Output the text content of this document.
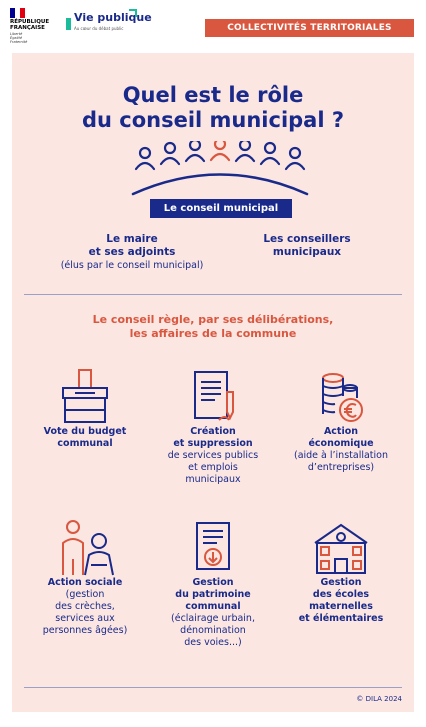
RÉPUBLIQUE
FRANÇAISE
Liberté
Égalité
Fraternité
Vie publique
Au cœur du débat public	COLLECTIVITÉS TERRITORIALES
Quel est le rôle
du conseil municipal ?
Le conseil municipal
Le maire
et ses adjoints
(élus par le conseil municipal)
Les conseillers
municipaux
Le conseil règle, par ses délibérations,
les affaires de la commune
Vote du budget
communal
Création
et suppression
de services publics
et emplois
municipaux
Action
économique
(aide à l’installation
d’entreprises)
Action sociale
(gestion
des crèches,
services aux
personnes âgées)
Gestion
du patrimoine
communal
(éclairage urbain,
dénomination
des voies...)
Gestion
des écoles
maternelles
et élémentaires
© DILA 2024
